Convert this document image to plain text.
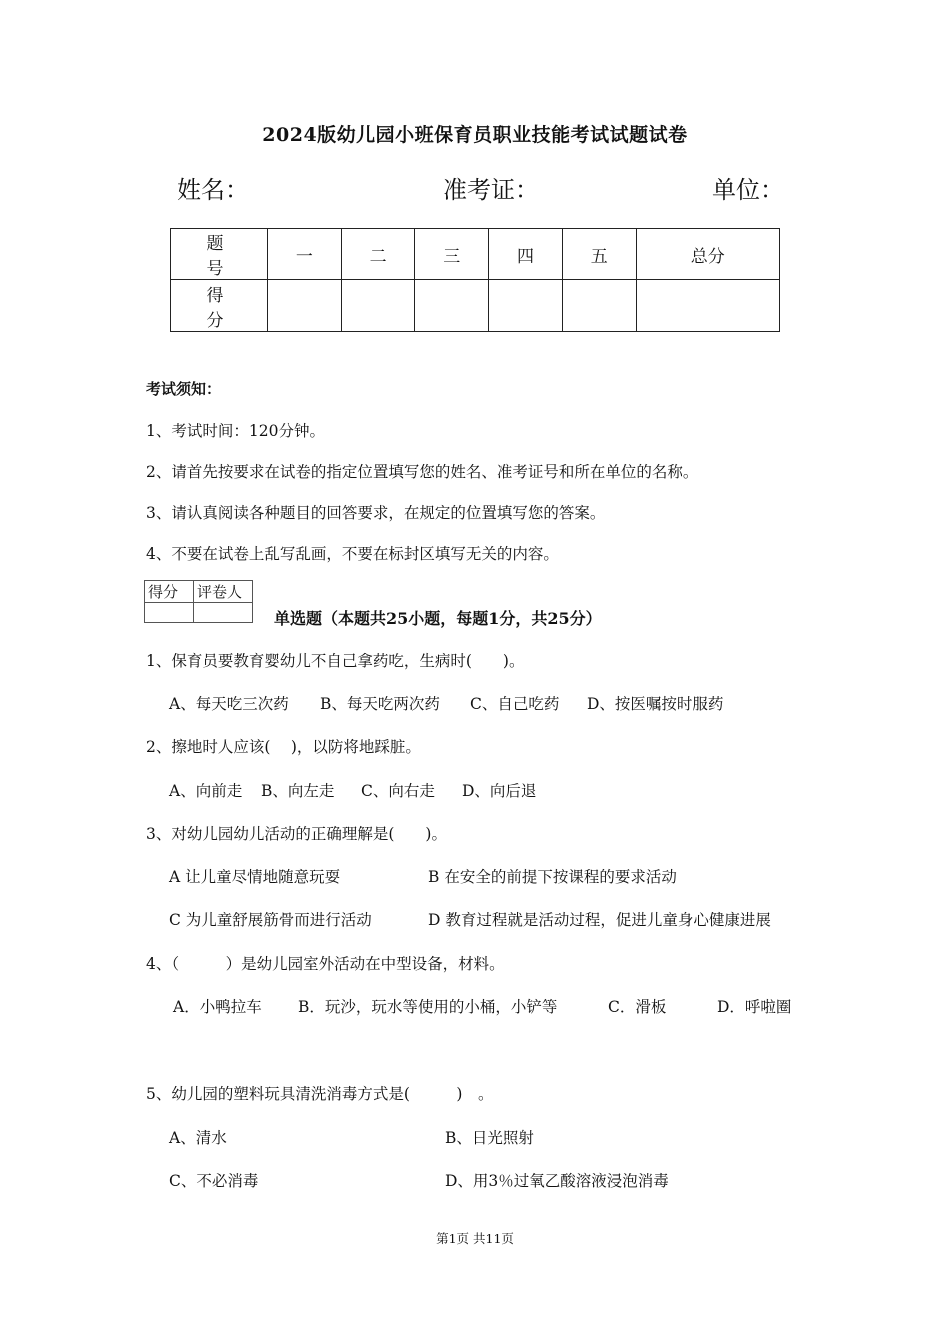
2024版幼儿园小班保育员职业技能考试试题试卷
姓名：	准考证：	单位：
题 号	一	二	三	四	五	总分
得 分						
考试须知：
1、考试时间：120分钟。
2、请首先按要求在试卷的指定位置填写您的姓名、准考证号和所在单位的名称。
3、请认真阅读各种题目的回答要求，在规定的位置填写您的答案。
4、不要在试卷上乱写乱画，不要在标封区填写无关的内容。
得分	评卷人

单选题（本题共25小题，每题1分，共25分）
1、保育员要教育婴幼儿不自己拿药吃，生病时(　　)。
A、每天吃三次药 B、每天吃两次药 C、自己吃药 D、按医嘱按时服药
2、擦地时人应该(　 )，以防将地踩脏。
A、向前走 B、向左走 C、向右走 D、向后退
3、对幼儿园幼儿活动的正确理解是(　　)。
A 让儿童尽情地随意玩耍	B 在安全的前提下按课程的要求活动
C 为儿童舒展筋骨而进行活动	D 教育过程就是活动过程，促进儿童身心健康进展
4、（　　　）是幼儿园室外活动在中型设备，材料。
A．小鸭拉车 B．玩沙，玩水等使用的小桶，小铲等	C．滑板	D．呼啦圈
5、幼儿园的塑料玩具清洗消毒方式是(　　　)　。
A、清水	B、日光照射
C、不必消毒	D、用3％过氧乙酸溶液浸泡消毒
第1页 共11页
